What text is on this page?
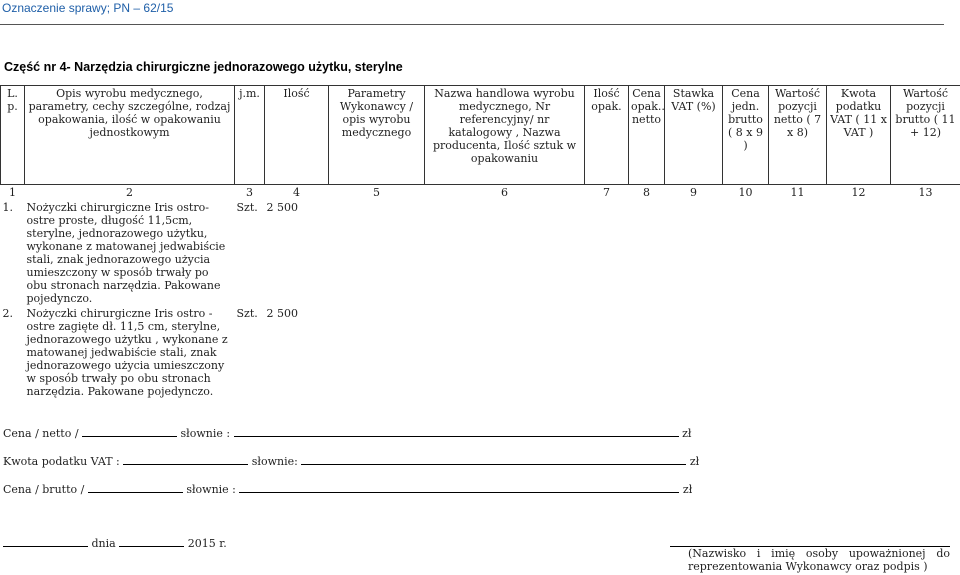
Oznaczenie sprawy; PN – 62/15
Część nr 4- Narzędzia chirurgiczne jednorazowego użytku, sterylne
L. p.	Opis wyrobu medycznego, parametry, cechy szczególne, rodzaj opakowania, ilość w opakowaniu jednostkowym	j.m.	Ilość	Parametry Wykonawcy / opis wyrobu medycznego	Nazwa handlowa wyrobu medycznego, Nr referencyjny/ nr katalogowy , Nazwa producenta, Ilość sztuk w opakowaniu	Ilość opak.	Cena opak.. netto	Stawka VAT (%)	Cena jedn. brutto ( 8 x 9 )	Wartość pozycji netto ( 7 x 8)	Kwota podatku VAT ( 11 x VAT )	Wartość pozycji brutto ( 11 + 12)
1	2	3	4	5	6	7	8	9	10	11	12	13
1.	Nożyczki chirurgiczne Iris ostro-ostre proste, długość 11,5cm, sterylne, jednorazowego użytku, wykonane z matowanej jedwabiście stali, znak jednorazowego użycia umieszczony w sposób trwały po obu stronach narzędzia. Pakowane pojedynczo.	Szt.	2 500									
2.	Nożyczki chirurgiczne Iris ostro - ostre zagięte dł. 11,5 cm, sterylne, jednorazowego użytku , wykonane z matowanej jedwabiście stali, znak jednorazowego użycia umieszczony w sposób trwały po obu stronach narzędzia. Pakowane pojedynczo.	Szt.	2 500									
Cena / netto /	słownie :	zł
Kwota podatku VAT :	słownie:	zł
Cena / brutto /	słownie :	zł
dnia	2015 r.
(Nazwisko i imię osoby upoważnionej do reprezentowania Wykonawcy oraz podpis )
